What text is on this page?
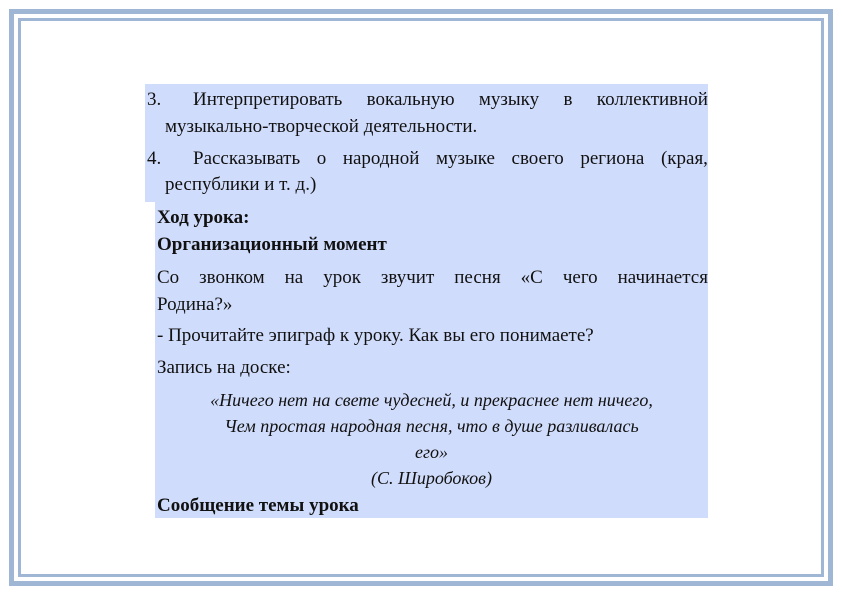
3. Интерпретировать вокальную музыку в коллективной
музыкально-творческой деятельности.
4. Рассказывать о народной музыке своего региона (края,
республики и т. д.)
Ход урока:
Организационный момент
Со звонком на урок звучит песня «С чего начинается
Родина?»
- Прочитайте эпиграф к уроку. Как вы его понимаете?
Запись на доске:
«Ничего нет на свете чудесней, и прекраснее нет ничего,
Чем простая народная песня, что в душе разливалась
его»
(С. Широбоков)
Сообщение темы урока
